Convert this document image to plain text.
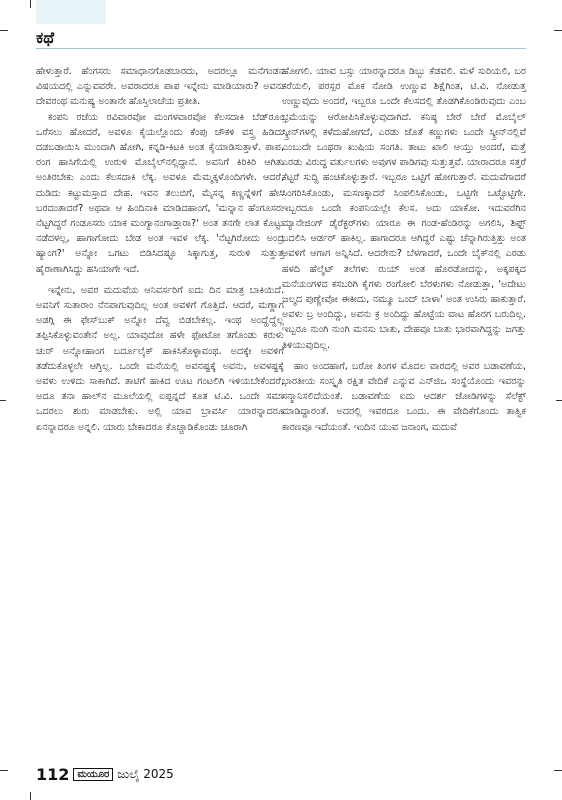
ಕಥೆ

ಹೇಳುತ್ತಾರೆ. ಹೆಂಗಸರು ಸಮಾಧಾನಗೊಡಬಾರದು, ಅದರಲ್ಲೂ ಮನೆಗಂಡನ ವಿಷಯದಲ್ಲಿ ಎನ್ನುವವರೇ. ಅವರಾದರೂ ಪಾಪ ಇನ್ನೇನು ಮಾಡಿಯಾರು? ಅವನು ದೇವರಂಥ ಮನುಷ್ಯ ಅಂತಾನೇ ಹೊಸ್ತಿಲಾಚೆಯ ಪ್ರತೀತಿ.

ಕಂಪನಿ ರಜೆಯ ರವಿವಾರವೋ ಮಂಗಳವಾರವೋ ಕೆಲಸದಾಕಿ ಬೆಡ್‌ರೂಂ ಒರೆಸಲು ಹೋದರೆ, ಅವಳೂ ಕೈಯಲ್ಲೊಂದು ಕೆಂಪು ಚೌಕಳಿ ವಸ್ತ್ರ ಹಿಡಿದು ದಡಬಡಾಯಿಸಿ ಮುಂದಾಗಿ ಹೋಗಿ, ಕನ್ನಡಿ-ಕಿಟಕಿ ಅಂತ ಕೈಯಾಡಿಸುತ್ತಾಳೆ. ಪಾಪ, ರಂಗ ಹಾಸಿಗೆಯಲ್ಲಿ ಉರುಳಿ ಮೊಬೈಲ್‌ನಲ್ಲಿದ್ದಾನೆ. ಅವನಿಗೆ ಕಿರಿಕಿರಿ ಆಗಿತು ಅಂತಿರಬೇಕು ಎಂದು ಕೆಲಸದಾಕಿ ಲೆಕ್ಕ. ಅವಳೂ ಮೆಮ್ಮಕ್ಕಳೊಂದಿಗಳೇ. ಆದರೆ, ದುಡಿದು ಕಟ್ಟುಮಸ್ತಾದ ದೇಹ. ಇವನ ತಲುಬಿಗೆ, ಮೈಸನ್ನ ಕಣ್ಣನ್ನೆಳಿಗೆ ಹೇಸಿ ಬರದಂತಾದರೆ? ಅಥವಾ ಆ ಹಿಂದಿನಾಕಿ ಮಾಡಿದಹಾಂಗೆ, 'ಮನ್ನಾನ ಹೆಂಗೂಸರು ನೆಟ್ಟಗಿದ್ದರೆ ಗಂಡೂಸರು ಯಾಕ ಮಂಗ್ಯಾನಂಗಾಡ್ತಾರಾ?' ಅಂತ ತನಗೇ ಲಾತ ಕೊಟ್ಟು ನಡೆದಳಲ್ಲ, ಹಾಗಾಗೋದು ಬೇಡ ಅಂತ ಇವಳ ಲೆಕ್ಕ. 'ನೆಟ್ಟಗಿರೋದು ಅಂದ್ರ ಹ್ಯಾಂಗ?' ಅನ್ನೋ ಒಗಟು ಬಿಡಿಸಿದಷ್ಟೂ ಸಿಕ್ಕಾಗುತ್ತ, ಸುರುಳಿ ಸುತ್ತುತ್ತ ಹೈರಾಣಾಗಿಸಿದ್ದು ಹಸಿಯಾಗೇ ಇದೆ.

ಇನ್ನೇನು, ಅವರ ಮದುವೆಯ ಆನಿವರ್ಸರಿಗೆ ಐದು ದಿನ ಮಾತ್ರ ಬಾಕಿಯಿದೆ. ಅವನಿಗೆ ಸುತಾರಾಂ ನೆನಪಾಗುವುದಿಲ್ಲ ಅಂತ ಅವಳಿಗೆ ಗೊತ್ತಿದೆ. ಆದರೆ, ಮಣ್ಣಾಗ ಅಡಗ್ಗಿ ಈ ಫೇಸ್‌ಬುಕ್ ಅನ್ನೋ ದೆವ್ವ ಬಿಡಬೇಕಲ್ಲ. ಇಂಥ ಅಂದ್ಹೆದ್ದೆಲ್ಲ ತಪ್ಪಿಸಿಕೊಳ್ಳುವಂತೇನೆ ಅಲ್ಲ. ಯಾವುದೋ ಹಳೇ ಫೋಟೋ ತಗೊಂಡು ಕರುಳು ಚುರ್ ಅನ್ನೋಹಾಂಗ ಬರ್ದೂಲೈಕ್ ಹಾಕಿಸಿಕೊಳ್ಳಾವಂಥ. ಅದಕ್ಕೇ ಅವಳಿಗೆ ತಡೆದುಕೊಳ್ಳಲೇ ಆಗ್ತಿಲ್ಲ. ಒಂದೇ ಮನೆಯಲ್ಲಿ ಅವನಷ್ಟಕ್ಕೆ ಅವನು, ಅವಳಷ್ಟಕ್ಕೆ ಅವಳು ಉಳಿದು ಸಾಕಾಗಿದೆ. ತಾಟಿಗೆ ಹಾಕಿದ ಊಟ ಗಂಟಲಿಗಿ ಇಳಿಯಬೇಕೆಂದರೆ, ಅದೂ ತನಾ ಹಾಲ್‌ನ ಮೂಲೆಯಲ್ಲಿ ಐಪ್ಪನ್ನದೆ ಕೂತ ಟಿ.ವಿ. ಒಂದೇ ಸಮಾ ಒದರಲು ಶುರು ಮಾಡಬೇಕು. ಅಲ್ಲಿ ಯಾವ ಬ್ರಾವರ್ಸಿ ಯಾರನ್ನಾದರೂ ಏನನ್ನಾದರೂ ಅನ್ನಲಿ. ಯಾರು ಬೇಕಾದರೂ ಕೊಚ್ಚಾಡಿಕೊಂಡು ಚೂರಾಗಿ

ಹೋಗಲಿ. ಯಾವ ಬಸ್ಸು ಯಾರನ್ನಾದರೂ ಡಿಬ್ಬು ಕೆಡವಲಿ. ಮಳೆ ಸುರಿಯಲಿ, ಬರ ಕರೆಯಲಿ, ಪರಸ್ಪರ ಮೊಕ ನೋಡಿ ಉಣ್ಣುವ ಶಿಕ್ಷೆಗಿಂತ, ಟಿ.ವಿ. ನೋಡುತ್ತ ಉಣ್ಣುವುದು ಅಂದರೆ, ಇಬ್ಬರೂ ಒಂದೇ ಕೆಲಸದಲ್ಲಿ ತೊಡಗಿಕೊಂಡಿರುವುದು ಎಂಬ ಭ್ರಮೆಯನ್ನು ಆರೋಪಿಸಿಕೊಳ್ಳುವುದಾಗಿದೆ. ಕನಿಷ್ಠ ಬೇರೆ ಬೇರೆ ಮೊಬೈಲ್ ಸ್ಕ್ರೀನ್‌ಗಳಲ್ಲಿ ಕಳೆದುಹೋಗದೆ, ಎರಡು ಜೊತೆ ಕಣ್ಣುಗಳು ಒಂದೇ ಸ್ಕ್ರೀನ್‌ನಲ್ಲಿವೆ ಎಂಬುದೇ ಒಂಥರಾ ಖುಷಿಯ ಸಂಗತಿ. ತಾಟು ಖಾಲಿ ಆಯ್ತು ಅಂದರೆ, ಮತ್ತೆ ಎರಡು ವಿರುದ್ಧ ವರ್ತುಲಗಳು ಅವುಗಳ ಪಾಡಿಗವು ಸುತ್ತುತ್ತವೆ. ಯಾರಾದರೂ ಸತ್ತರೆ ಕೆಟ್ಟರೆ ಸುದ್ದಿ ಹಂಚಿಕೊಳ್ಳುತ್ತಾರೆ. ಇಬ್ಬರೂ ಒಟ್ಟಿಗೆ ಹೋಗುತ್ತಾರೆ. ಮದುವೆಗಾದರೆ ಸಿಂಗರಿಸಿಕೊಂಡು, ಮಸಣಕ್ಕಾದರೆ ಸಿಂಪಲಿಸಿಕೊಂಡು, ಒಟ್ಟಿಗೇ ಒಟ್ಟೊಟ್ಟಿಗೇ. ಇಬ್ಬರದೂ ಒಂದೇ ಕಂಪನಿಯಲ್ಲೇ ಕೆಲಸ. ಅದು ಯಾಕೋ. ಇದುವರೆಗಿನ ಮ್ಯಾನೇಜಿಂಗ್ ಡೈರೆಕ್ಟರ್‌ಗಳು ಯಾರೂ ಈ ಗಂಡ-ಹೆಂಡಿರನ್ನು ಅಗಲಿಸಿ, ಶಿಫ್ಟ್ ಬದಲಿಸಿ ಆರ್ಡರ್ ಹಾಕಿಲ್ಲ. ಹಾಗಾದರೂ ಆಗಿದ್ದರೆ ಎಷ್ಟು ಚೆನ್ನಾಗಿರುತ್ತಿತ್ತು ಅಂತ ಅವಳಿಗೆ ಆಗಾಗ ಅನ್ನಿಸಿದೆ. ಆದರೇನು? ಬೆಳಗಾದರೆ, ಒಂದೇ ಬೈಕ್‌ನಲ್ಲಿ ಎರಡು ಹಳದಿ ಹೆಲ್ಮೆಟ್ ತಲೆಗಳು ರುಯ್ ಅಂತ ಹೊರಡೋದನ್ನು, ಅಕ್ಕಪಕ್ಕದ ಮನೆಯಂಗಳದ ಕಸಬರಿಗಿ ಕೈಗಳು ರಂಗೋಲಿ ಬೆರಳುಗಳು ನೋಡುತ್ತಾ, 'ಅದೇಟು ಜಲ್ಮದ ಪುಣ್ಣೇವೋ ಈಕೀದು, ನಮ್ಮೂ ಒಂದ್ ಬಾಳಾ' ಅಂತ ಉಸಿರು ಹಾಕುತ್ತಾರೆ. ಅವಳು ಬ್ರ ಅಂದಿದ್ದು, ಅವನು ಕ್ರ ಅಂದಿದ್ದು ಹೊಟ್ಟೆಯ ವಾಟ ಹೊರಗ ಬರುದಿಲ್ಲ. ಇಬ್ಬರೂ ನುಂಗಿ ನುಂಗಿ ಮನಸು ಬಾತು, ದೇಹವೂ ಬಾತು ಭಾರವಾಗಿದ್ದನ್ನು ಜಗತ್ತು ತಿಳಿಯುವುದಿಲ್ಲ.

ಹಾಂ ಅಂದಹಾಗೆ, ಬರೋ ತಿಂಗಳ ಮೊದಲ ವಾರದಲ್ಲಿ ಅವರ ಬಡಾವಣೆಯ, ಭಾರತೀಯ ಸಂಸ್ಕೃತಿ ರಕ್ಷಿತ ವೇದಿಕೆ ಎನ್ನುವ ಎನ್‌ಜಿಒ ಸಂಸ್ಥೆಯೊಂದು ಇವರನ್ನು ಸನ್ಮಾನಿಸಲಿದೆಯಂತೆ. ಬಡಾವಣೆಯ ಐದು ಆದರ್ಶ ಜೋಡಿಗಳನ್ನು ಸೆಲೆಕ್ಟ್ ಮಾಡಿದ್ದಾರಂತೆ. ಅದರಲ್ಲಿ ಇವರದೂ ಒಂದು. ಈ ವೇದಿಕೆಗೊಂದು ತಾತ್ವಿಕ ಕಾರಣವೂ ಇದೆಯಂತೆ. ಇಂದಿನ ಯುವ ಜನಾಂಗ, ಮದುವೆ

112 ಮಯೂರ ಜುಲೈ 2025
